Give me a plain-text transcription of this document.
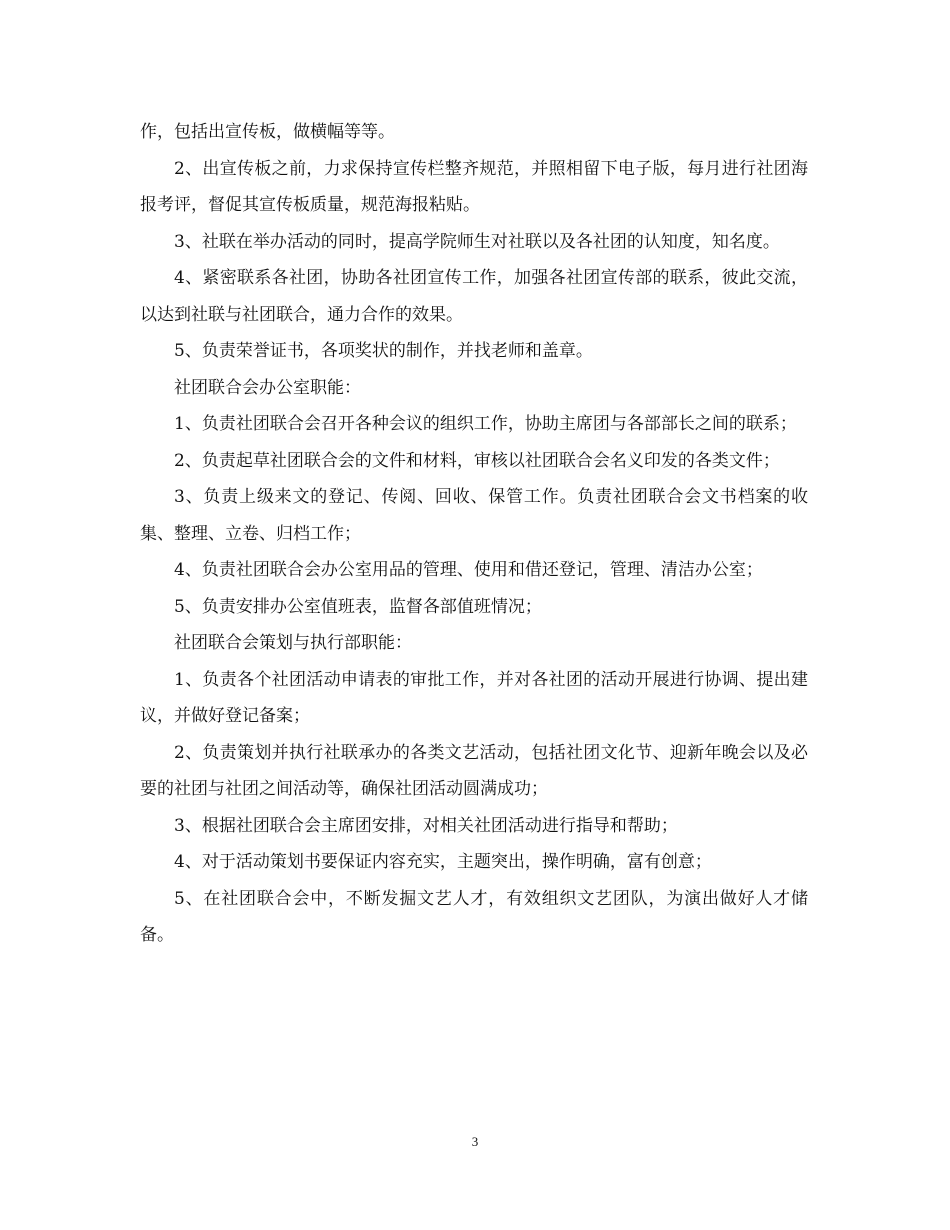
作，包括出宣传板，做横幅等等。

2、出宣传板之前，力求保持宣传栏整齐规范，并照相留下电子版，每月进行社团海报考评，督促其宣传板质量，规范海报粘贴。

3、社联在举办活动的同时，提高学院师生对社联以及各社团的认知度，知名度。

4、紧密联系各社团，协助各社团宣传工作，加强各社团宣传部的联系，彼此交流，以达到社联与社团联合，通力合作的效果。

5、负责荣誉证书，各项奖状的制作，并找老师和盖章。

社团联合会办公室职能：

1、负责社团联合会召开各种会议的组织工作，协助主席团与各部部长之间的联系；

2、负责起草社团联合会的文件和材料，审核以社团联合会名义印发的各类文件；

3、负责上级来文的登记、传阅、回收、保管工作。负责社团联合会文书档案的收集、整理、立卷、归档工作；

4、负责社团联合会办公室用品的管理、使用和借还登记，管理、清洁办公室；

5、负责安排办公室值班表，监督各部值班情况；

社团联合会策划与执行部职能：

1、负责各个社团活动申请表的审批工作，并对各社团的活动开展进行协调、提出建议，并做好登记备案；

2、负责策划并执行社联承办的各类文艺活动，包括社团文化节、迎新年晚会以及必要的社团与社团之间活动等，确保社团活动圆满成功；

3、根据社团联合会主席团安排，对相关社团活动进行指导和帮助；

4、对于活动策划书要保证内容充实，主题突出，操作明确，富有创意；

5、在社团联合会中，不断发掘文艺人才，有效组织文艺团队，为演出做好人才储备。

3
